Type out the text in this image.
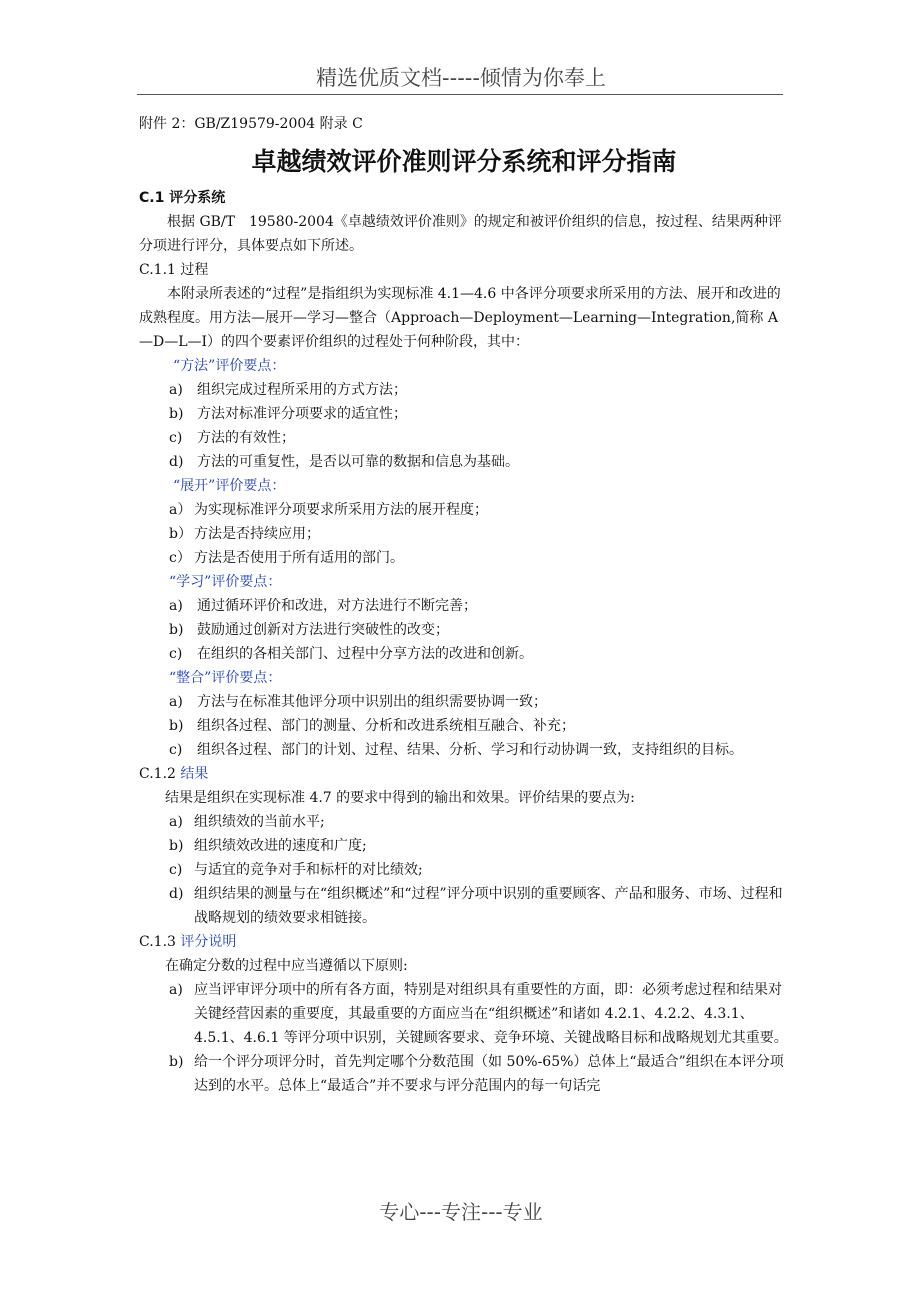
精选优质文档-----倾情为你奉上

附件 2：GB/Z19579-2004 附录 C

卓越绩效评价准则评分系统和评分指南

C.1 评分系统

根据 GB/T　19580-2004《卓越绩效评价准则》的规定和被评价组织的信息，按过程、结果两种评分项进行评分，具体要点如下所述。

C.1.1 过程

本附录所表述的“过程”是指组织为实现标准 4.1—4.6 中各评分项要求所采用的方法、展开和改进的成熟程度。用方法—展开—学习—整合（Approach—Deployment—Learning—Integration,简称 A—D—L—I）的四个要素评价组织的过程处于何种阶段，其中：

“方法”评价要点：

a) 组织完成过程所采用的方式方法；
b) 方法对标准评分项要求的适宜性；
c) 方法的有效性；
d) 方法的可重复性，是否以可靠的数据和信息为基础。

“展开”评价要点：

a） 为实现标准评分项要求所采用方法的展开程度；
b） 方法是否持续应用；
c） 方法是否使用于所有适用的部门。

“学习”评价要点：

a) 通过循环评价和改进，对方法进行不断完善；
b) 鼓励通过创新对方法进行突破性的改变；
c) 在组织的各相关部门、过程中分享方法的改进和创新。

“整合”评价要点：

a) 方法与在标准其他评分项中识别出的组织需要协调一致；
b) 组织各过程、部门的测量、分析和改进系统相互融合、补充；
c) 组织各过程、部门的计划、过程、结果、分析、学习和行动协调一致，支持组织的目标。

C.1.2 结果

结果是组织在实现标准 4.7 的要求中得到的输出和效果。评价结果的要点为:

a) 组织绩效的当前水平;
b) 组织绩效改进的速度和广度;
c) 与适宜的竞争对手和标杆的对比绩效;
d) 组织结果的测量与在“组织概述”和“过程”评分项中识别的重要顾客、产品和服务、市场、过程和战略规划的绩效要求相链接。

C.1.3 评分说明

在确定分数的过程中应当遵循以下原则:

a) 应当评审评分项中的所有各方面，特别是对组织具有重要性的方面，即：必须考虑过程和结果对关键经营因素的重要度，其最重要的方面应当在“组织概述”和诸如 4.2.1、4.2.2、4.3.1、4.5.1、4.6.1 等评分项中识别，关键顾客要求、竞争环境、关键战略目标和战略规划尤其重要。
b) 给一个评分项评分时，首先判定哪个分数范围（如 50%-65%）总体上“最适合”组织在本评分项达到的水平。总体上“最适合”并不要求与评分范围内的每一句话完
专心---专注---专业
